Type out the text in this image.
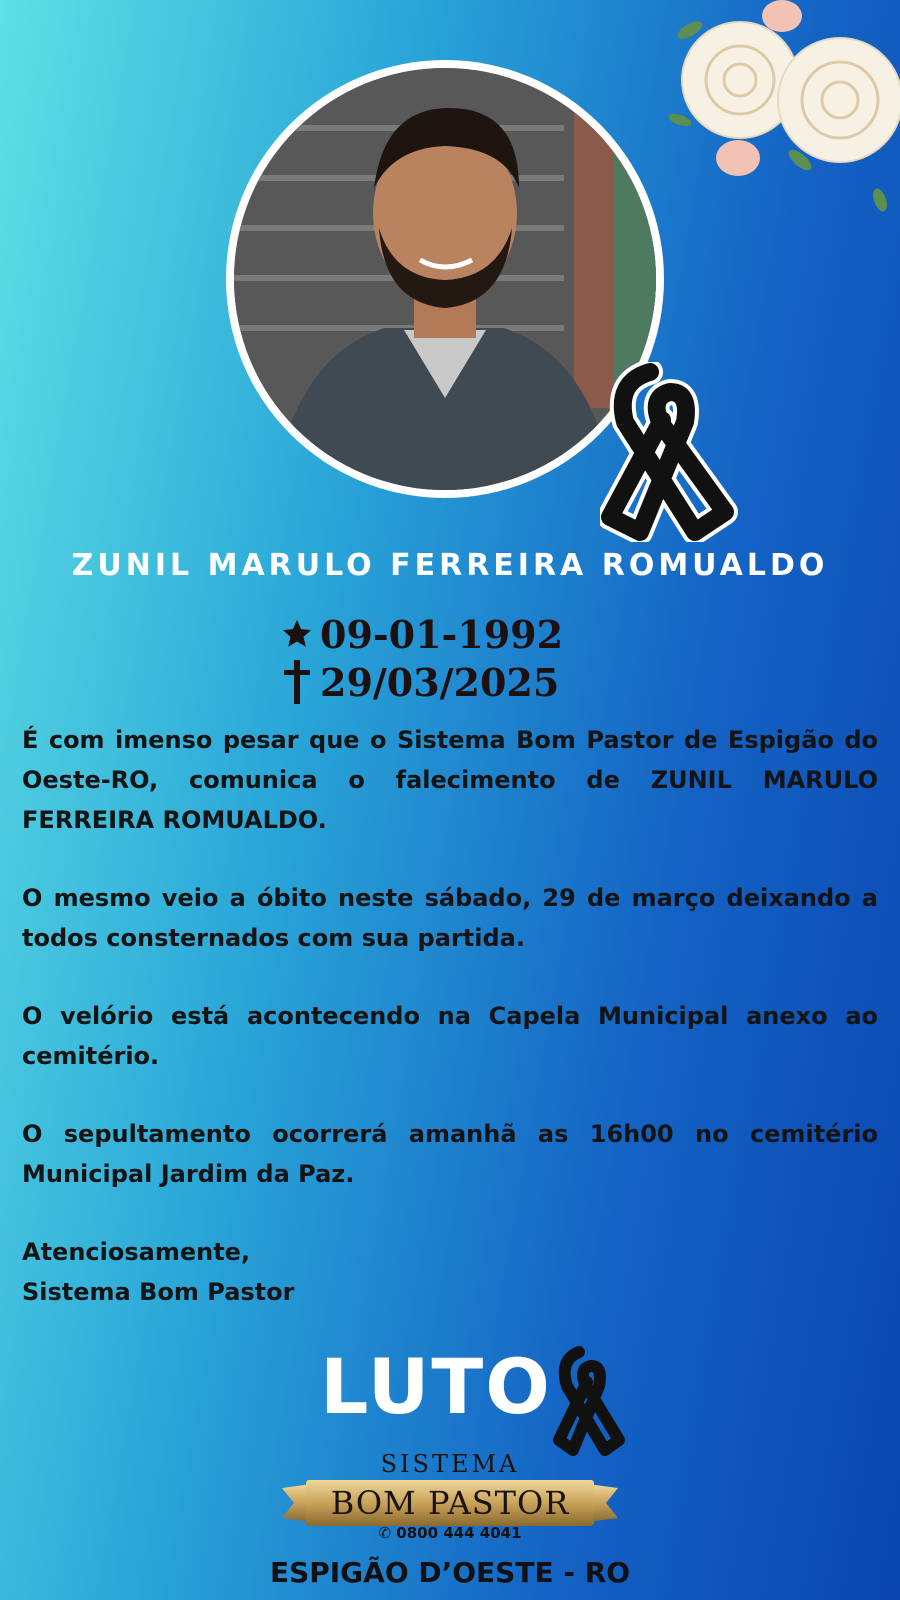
ZUNIL MARULO FERREIRA ROMUALDO
09-01-1992
29/03/2025

É com imenso pesar que o Sistema Bom Pastor de Espigão do Oeste-RO, comunica o falecimento de ZUNIL MARULO FERREIRA ROMUALDO.

O mesmo veio a óbito neste sábado, 29 de março deixando a todos consternados com sua partida.

O velório está acontecendo na Capela Municipal anexo ao cemitério.

O sepultamento ocorrerá amanhã as 16h00 no cemitério Municipal Jardim da Paz.

Atenciosamente,

Sistema Bom Pastor

LUTO
SISTEMA
BOM PASTOR
✆ 0800 444 4041
ESPIGÃO D’OESTE - RO
